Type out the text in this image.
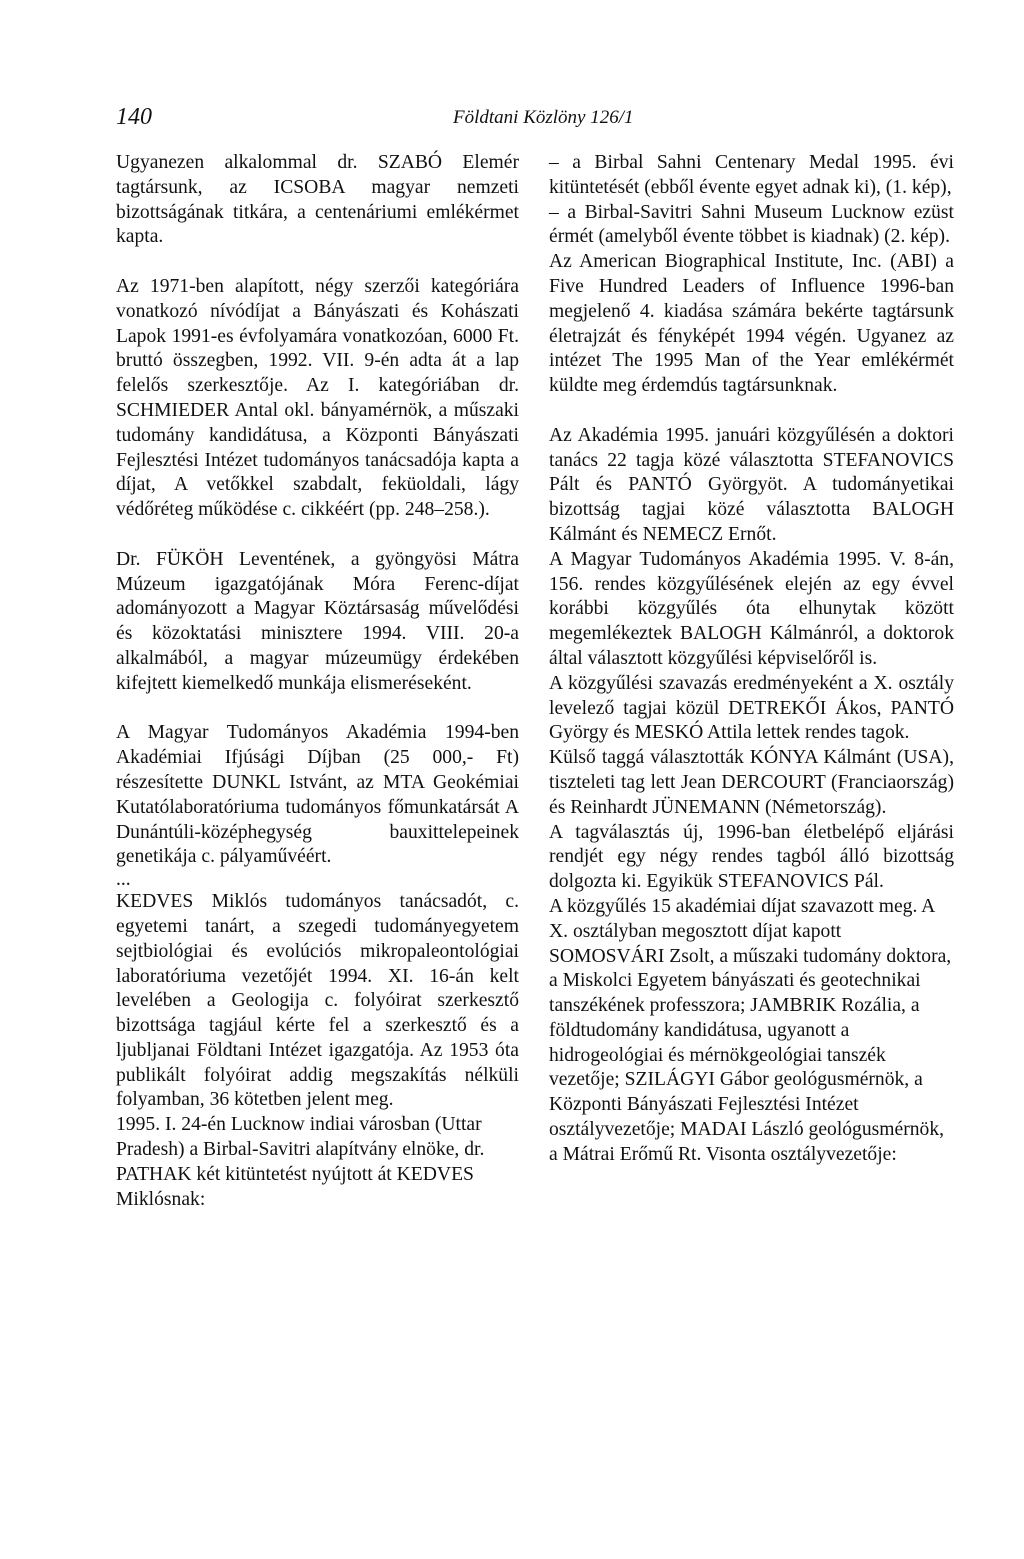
140	Földtani Közlöny 126/1

Ugyanezen alkalommal dr. SZABÓ Elemér tagtársunk, az ICSOBA magyar nemzeti bizottságának titkára, a centenáriumi emlékérmet kapta.

Az 1971-ben alapított, négy szerzői kategóriára vonatkozó nívódíjat a Bányászati és Kohászati Lapok 1991-es évfolyamára vonatkozóan, 6000 Ft. bruttó összegben, 1992. VII. 9-én adta át a lap felelős szerkesztője. Az I. kategóriában dr. SCHMIEDER Antal okl. bányamérnök, a műszaki tudomány kandidátusa, a Központi Bányászati Fejlesztési Intézet tudományos tanácsadója kapta a díjat, A vetőkkel szabdalt, feküoldali, lágy védőréteg működése c. cikkéért (pp. 248–258.).

Dr. FÜKÖH Leventének, a gyöngyösi Mátra Múzeum igazgatójának Móra Ferenc-díjat adományozott a Magyar Köztársaság művelődési és közoktatási minisztere 1994. VIII. 20-a alkalmából, a magyar múzeumügy érdekében kifejtett kiemelkedő munkája elismeréseként.

A Magyar Tudományos Akadémia 1994-ben Akadémiai Ifjúsági Díjban (25 000,- Ft) részesítette DUNKL Istvánt, az MTA Geokémiai Kutatólaboratóriuma tudományos főmunkatársát A Dunántúli-középhegység bauxittelepeinek genetikája c. pályaművéért.

...

KEDVES Miklós tudományos tanácsadót, c. egyetemi tanárt, a szegedi tudományegyetem sejtbiológiai és evolúciós mikropaleontológiai laboratóriuma vezetőjét 1994. XI. 16-án kelt levelében a Geologija c. folyóirat szerkesztő bizottsága tagjául kérte fel a szerkesztő és a ljubljanai Földtani Intézet igazgatója. Az 1953 óta publikált folyóirat addig megszakítás nélküli folyamban, 36 kötetben jelent meg.

1995. I. 24-én Lucknow indiai városban (Uttar Pradesh) a Birbal-Savitri alapítvány elnöke, dr. PATHAK két kitüntetést nyújtott át KEDVES Miklósnak:

– a Birbal Sahni Centenary Medal 1995. évi kitüntetését (ebből évente egyet adnak ki), (1. kép),

– a Birbal-Savitri Sahni Museum Lucknow ezüst érmét (amelyből évente többet is kiadnak) (2. kép).

Az American Biographical Institute, Inc. (ABI) a Five Hundred Leaders of Influence 1996-ban megjelenő 4. kiadása számára bekérte tagtársunk életrajzát és fényképét 1994 végén. Ugyanez az intézet The 1995 Man of the Year emlékérmét küldte meg érdemdús tagtársunknak.

Az Akadémia 1995. januári közgyűlésén a doktori tanács 22 tagja közé választotta STEFANOVICS Pált és PANTÓ Györgyöt. A tudományetikai bizottság tagjai közé választotta BALOGH Kálmánt és NEMECZ Ernőt.

A Magyar Tudományos Akadémia 1995. V. 8-án, 156. rendes közgyűlésének elején az egy évvel korábbi közgyűlés óta elhunytak között megemlékeztek BALOGH Kálmánról, a doktorok által választott közgyűlési képviselőről is.

A közgyűlési szavazás eredményeként a X. osztály levelező tagjai közül DETREKŐI Ákos, PANTÓ György és MESKÓ Attila lettek rendes tagok.

Külső taggá választották KÓNYA Kálmánt (USA), tiszteleti tag lett Jean DERCOURT (Franciaország) és Reinhardt JÜNEMANN (Németország).

A tagválasztás új, 1996-ban életbelépő eljárási rendjét egy négy rendes tagból álló bizottság dolgozta ki. Egyikük STEFANOVICS Pál.

A közgyűlés 15 akadémiai díjat szavazott meg. A X. osztályban megosztott díjat kapott SOMOSVÁRI Zsolt, a műszaki tudomány doktora, a Miskolci Egyetem bányászati és geotechnikai tanszékének professzora; JAMBRIK Rozália, a földtudomány kandidátusa, ugyanott a hidrogeológiai és mérnökgeológiai tanszék vezetője; SZILÁGYI Gábor geológusmérnök, a Központi Bányászati Fejlesztési Intézet osztályvezetője; MADAI László geológusmérnök, a Mátrai Erőmű Rt. Visonta osztályvezetője:
